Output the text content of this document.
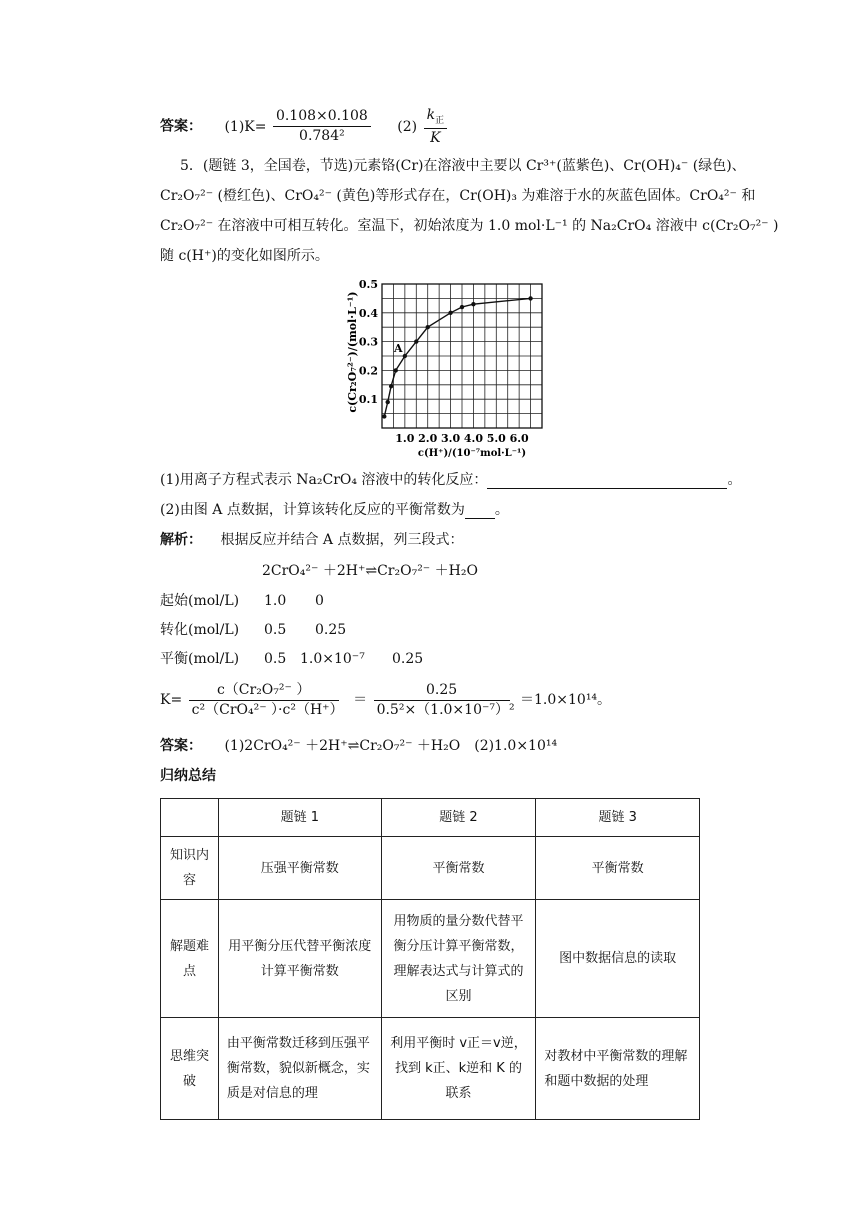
答案： $(1)K= \frac{0.108\times 0.108}{\text{0.784²}} (2) \frac{k_正}{K}$
5．(题链 3，全国卷，节选)元素铬(Cr)在溶液中主要以 Cr³⁺(蓝紫色)、Cr(OH)₄⁻ (绿色)、
Cr₂O₇²⁻ (橙红色)、CrO₄²⁻ (黄色)等形式存在，Cr(OH)₃ 为难溶于水的灰蓝色固体。CrO₄²⁻ 和
Cr₂O₇²⁻ 在溶液中可相互转化。室温下，初始浓度为 1.0 mol·L⁻¹ 的 Na₂CrO₄ 溶液中 c(Cr₂O₇²⁻ )
随 c(H⁺)的变化如图所示。
1.0 2.0 3.0 4.0 5.0 6.0
0.1
0.2
0.3
0.4
0.5
c(Cr₂O₇²⁻)/(mol·L⁻¹)
c(H⁺)/(10⁻⁷mol·L⁻¹)
A
(1)用离子方程式表示 Na₂CrO₄ 溶液中的转化反应：	。
(2)由图 A 点数据，计算该转化反应的平衡常数为 。
解析： 根据反应并结合 A 点数据，列三段式：
2CrO₄²⁻ ＋2H⁺⇌Cr₂O₇²⁻ ＋H₂O
起始(mol/L) 1.0 0
转化(mol/L) 0.5 0.25
平衡(mol/L) 0.5 1.0×10⁻⁷ 0.25
$K= \frac{\text{c（Cr₂O₇²⁻ ）}}{\text{c²（CrO₄²⁻ ）·c²（H⁺）}} = \frac{0.25}{\text{0.5²×（1.0×10⁻⁷）²}} =1.0\times 10^{14}$。
答案： (1)2CrO₄²⁻ ＋2H⁺⇌Cr₂O₇²⁻ ＋H₂O　(2)1.0×10¹⁴
归纳总结
	题链 1	题链 2	题链 3
知识内容	压强平衡常数	平衡常数	平衡常数
解题难点	用平衡分压代替平衡浓度计算平衡常数	用物质的量分数代替平衡分压计算平衡常数，理解表达式与计算式的区别	图中数据信息的读取
思维突破	由平衡常数迁移到压强平衡常数，貌似新概念，实质是对信息的理	利用平衡时 v正＝v逆，找到 k正、k逆和 K 的联系	对教材中平衡常数的理解和题中数据的处理
